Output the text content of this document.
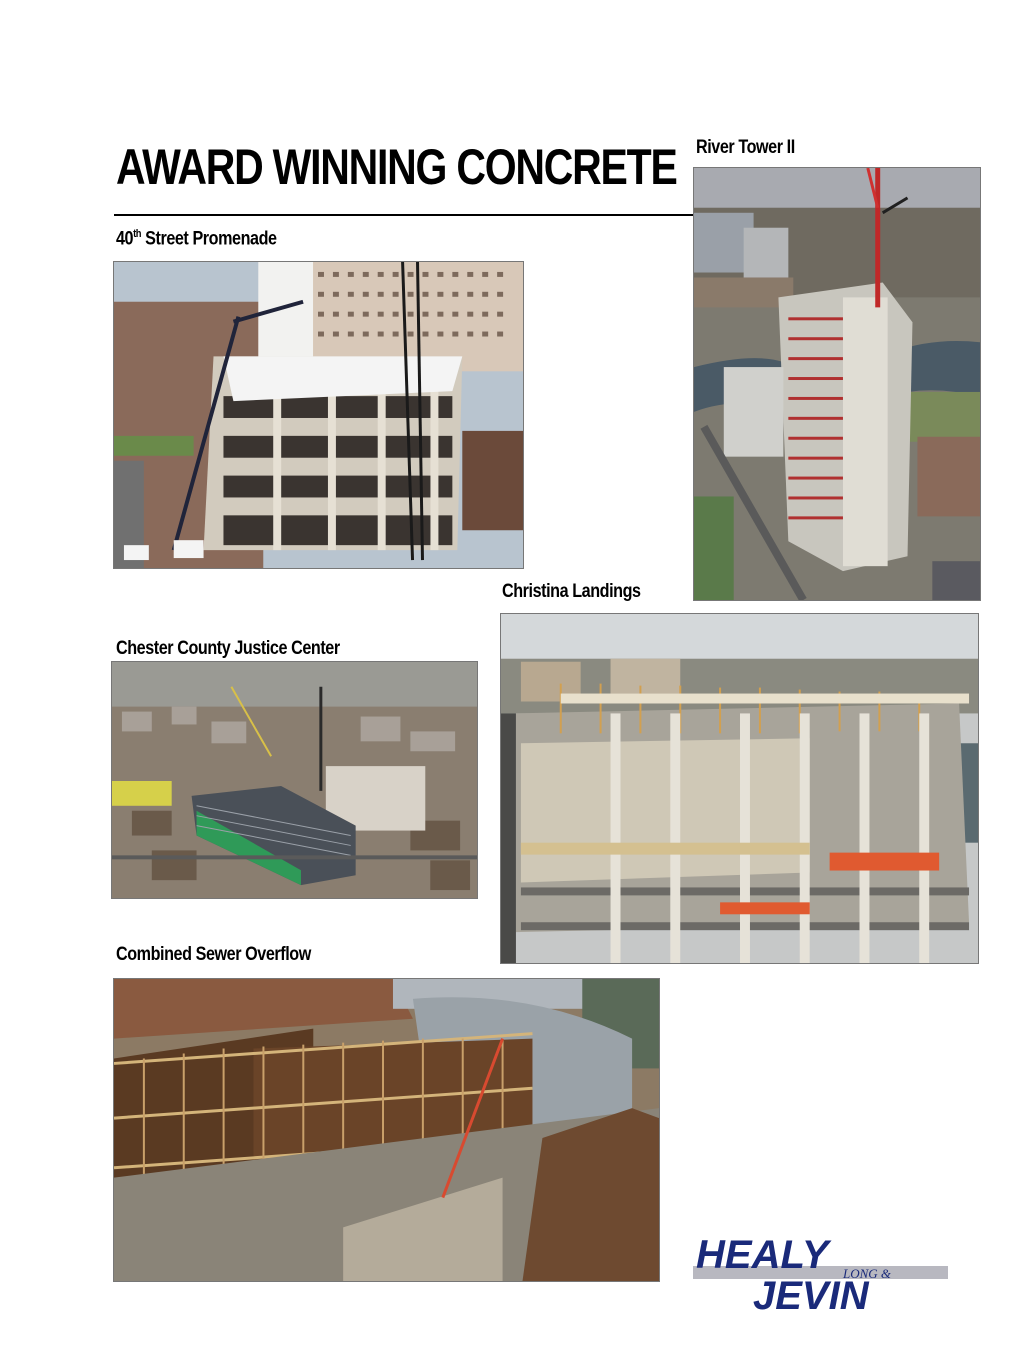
AWARD WINNING CONCRETE
40th Street Promenade
River Tower II
Christina Landings
Chester County Justice Center
Combined Sewer Overflow
HEALY LONG &
JEVIN
